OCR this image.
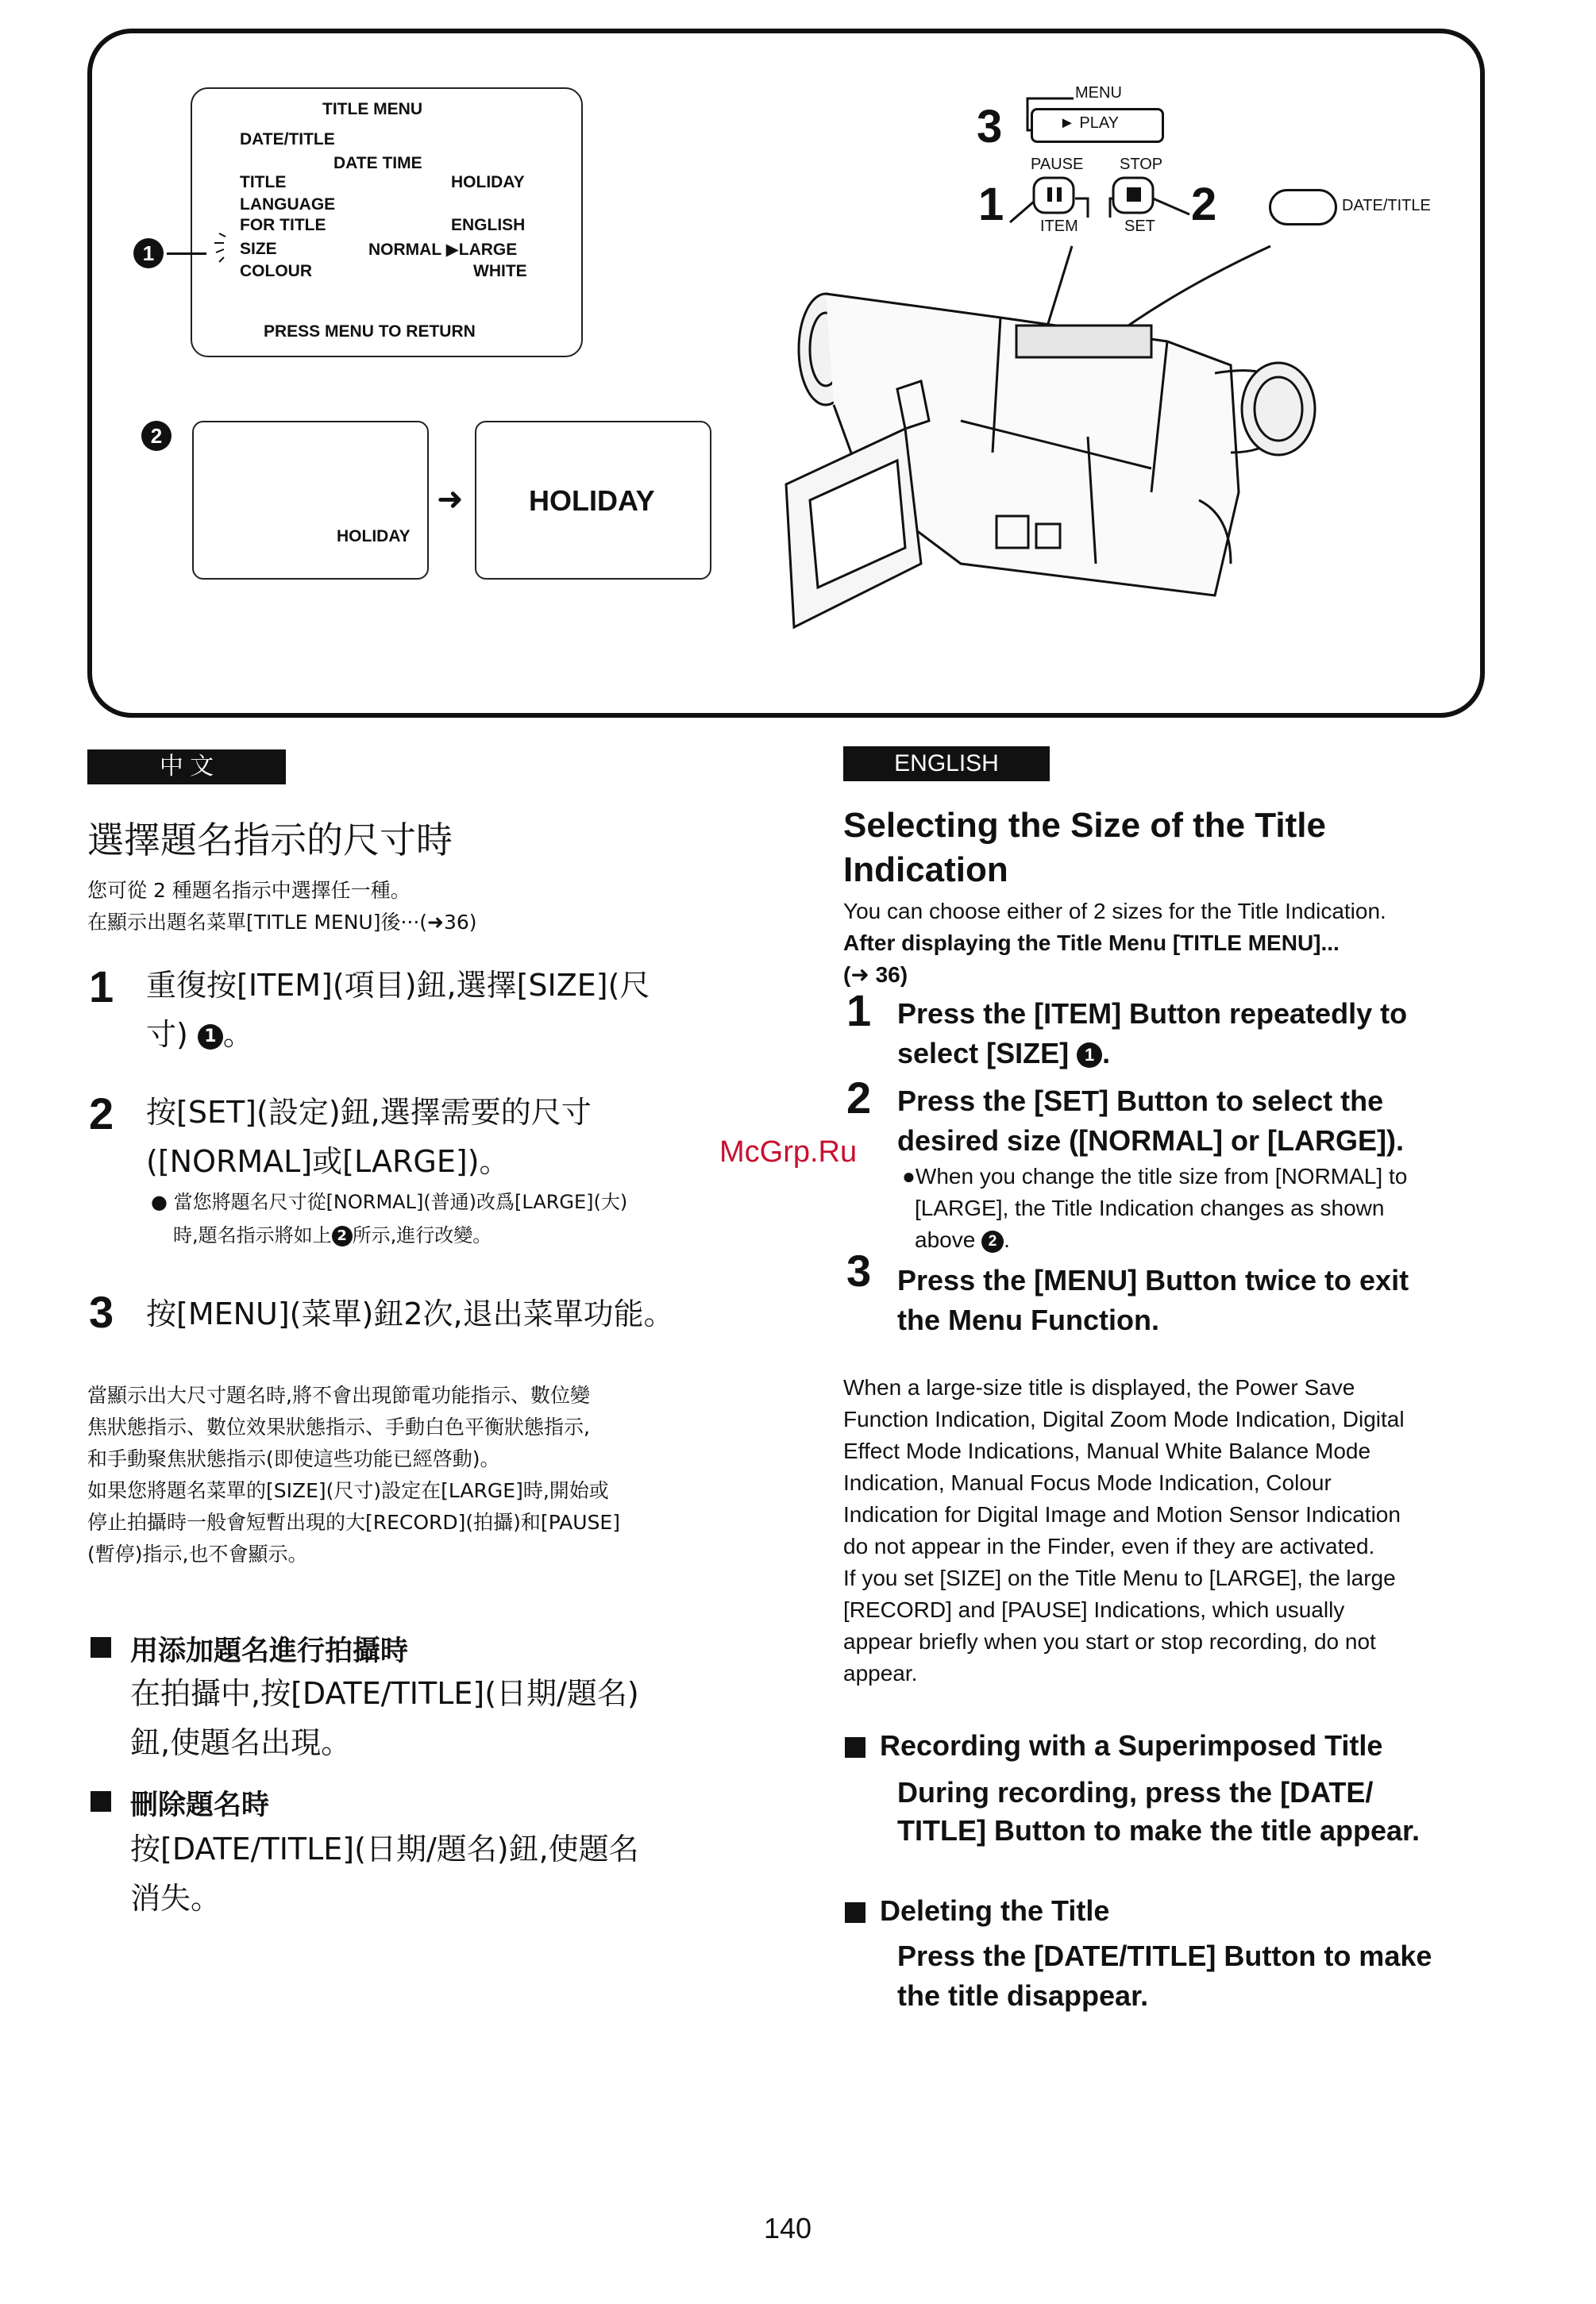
TITLE MENU
DATE/TITLE
DATE TIME
TITLE	HOLIDAY
LANGUAGE
FOR TITLE	ENGLISH
SIZE	NORMAL ▶LARGE
COLOUR	WHITE
PRESS MENU TO RETURN
1
2
HOLIDAY
➜ HOLIDAY
3
MENU
► PLAY
PAUSE STOP
1 ITEM	SET 2	DATE/TITLE
中 文
選擇題名指示的尺寸時
您可從 2 種題名指示中選擇任一種。
在顯示出題名菜單[TITLE MENU]後···(➜36)
1 重復按[ITEM](項目)鈕,選擇[SIZE](尺
寸) 1 。
2 按[SET](設定)鈕,選擇需要的尺寸
([NORMAL]或[LARGE])。
● 當您將題名尺寸從[NORMAL](普通)改爲[LARGE](大)
時,題名指示將如上 2 所示,進行改變。
3 按[MENU](菜單)鈕2次,退出菜單功能。
當顯示出大尺寸題名時,將不會出現節電功能指示、數位變
焦狀態指示、數位效果狀態指示、手動白色平衡狀態指示,
和手動聚焦狀態指示(即使這些功能已經啓動)。
如果您將題名菜單的[SIZE](尺寸)設定在[LARGE]時,開始或
停止拍攝時一般會短暫出現的大[RECORD](拍攝)和[PAUSE]
(暫停)指示,也不會顯示。
用添加題名進行拍攝時
在拍攝中,按[DATE/TITLE](日期/題名)
鈕,使題名出現。
刪除題名時
按[DATE/TITLE](日期/題名)鈕,使題名
消失。
McGrp.Ru
ENGLISH
Selecting the Size of the Title
Indication
You can choose either of 2 sizes for the Title Indication.
After displaying the Title Menu [TITLE MENU]...
(➜ 36)
1 Press the [ITEM] Button repeatedly to
select [SIZE] 1 .
2 Press the [SET] Button to select the
desired size ([NORMAL] or [LARGE]).
●When you change the title size from [NORMAL] to
[LARGE], the Title Indication changes as shown
above 2 .
3 Press the [MENU] Button twice to exit
the Menu Function.
When a large-size title is displayed, the Power Save
Function Indication, Digital Zoom Mode Indication, Digital
Effect Mode Indications, Manual White Balance Mode
Indication, Manual Focus Mode Indication, Colour
Indication for Digital Image and Motion Sensor Indication
do not appear in the Finder, even if they are activated.
If you set [SIZE] on the Title Menu to [LARGE], the large
[RECORD] and [PAUSE] Indications, which usually
appear briefly when you start or stop recording, do not
appear.
Recording with a Superimposed Title
During recording, press the [DATE/
TITLE] Button to make the title appear.
Deleting the Title
Press the [DATE/TITLE] Button to make
the title disappear.
140
